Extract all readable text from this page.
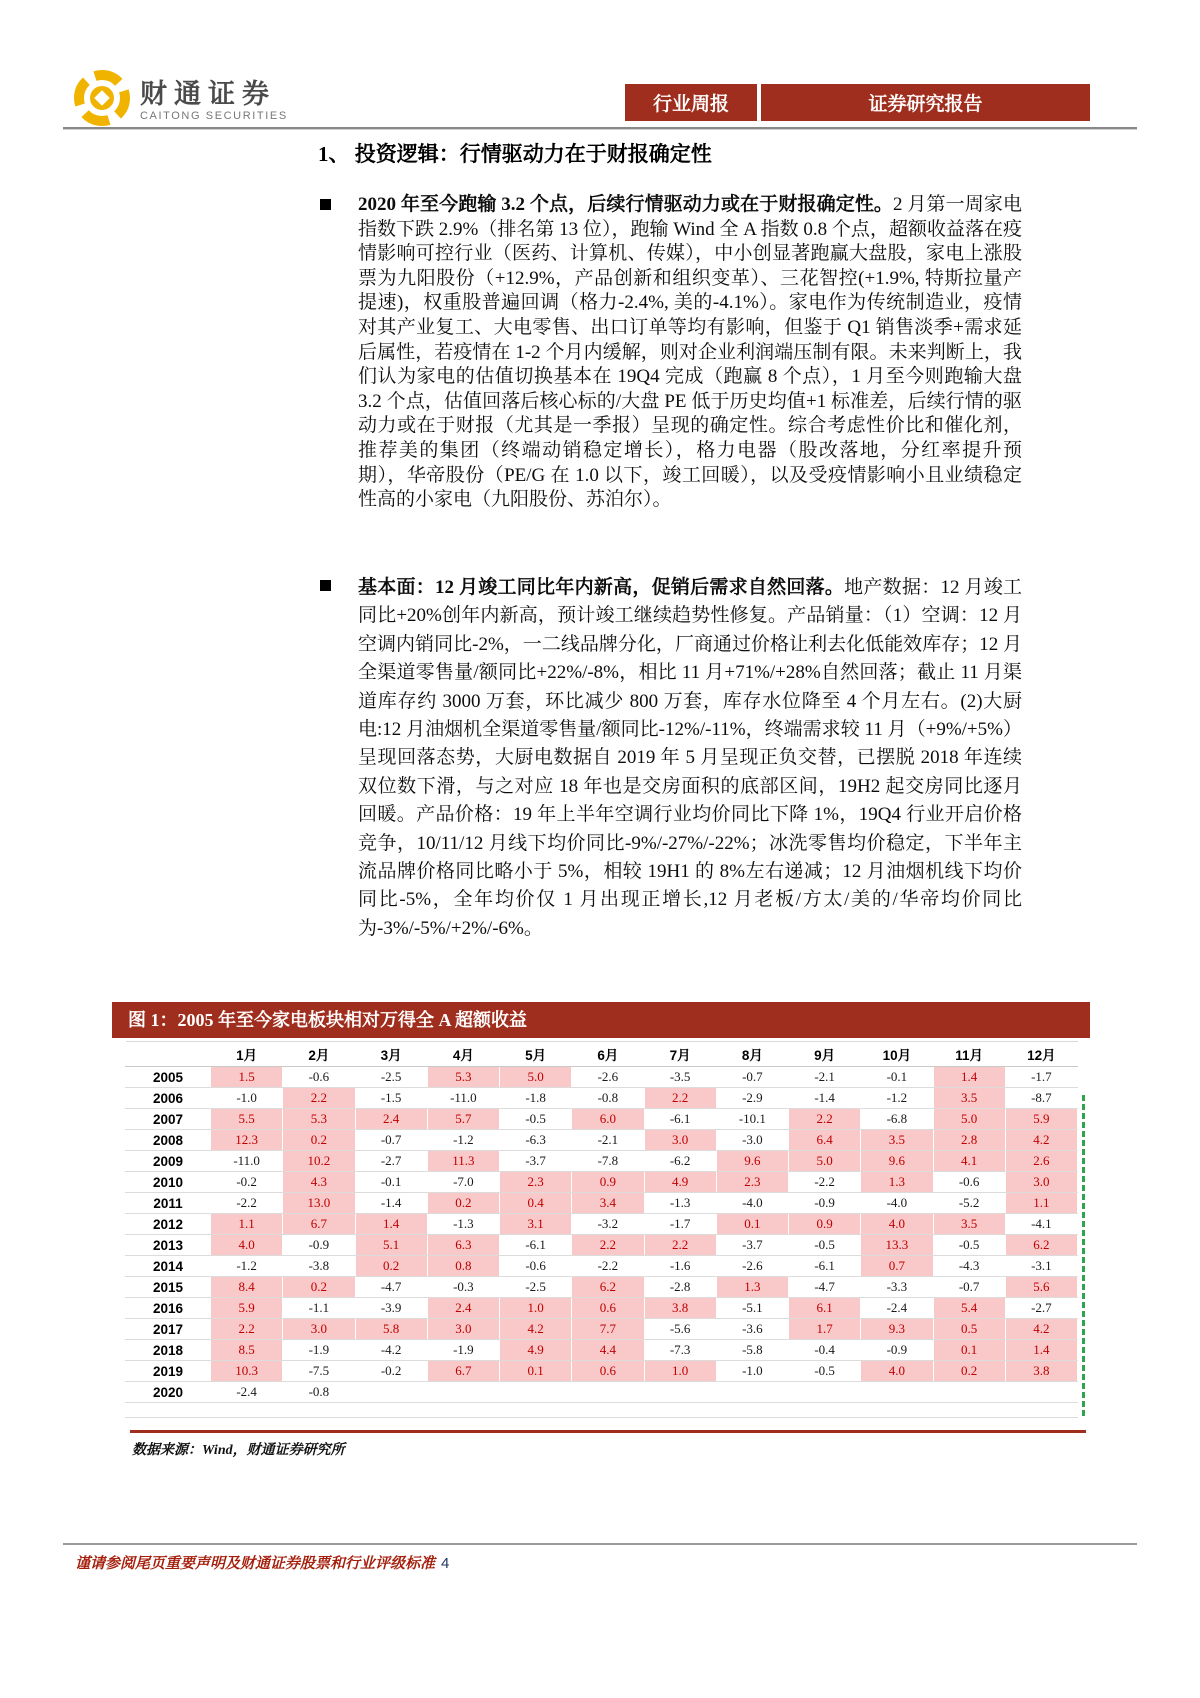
财通证券
CAITONG SECURITIES
行业周报	证券研究报告
1、 投资逻辑：行情驱动力在于财报确定性
2020 年至今跑输 3.2 个点，后续行情驱动力或在于财报确定性。2 月第一周家电指数下跌 2.9%（排名第 13 位），跑输 Wind 全 A 指数 0.8 个点，超额收益落在疫情影响可控行业（医药、计算机、传媒），中小创显著跑赢大盘股，家电上涨股票为九阳股份（+12.9%，产品创新和组织变革）、三花智控(+1.9%, 特斯拉量产提速)，权重股普遍回调（格力-2.4%, 美的-4.1%）。家电作为传统制造业，疫情对其产业复工、大电零售、出口订单等均有影响，但鉴于 Q1 销售淡季+需求延后属性，若疫情在 1-2 个月内缓解，则对企业利润端压制有限。未来判断上，我们认为家电的估值切换基本在 19Q4 完成（跑赢 8 个点），1 月至今则跑输大盘 3.2 个点，估值回落后核心标的/大盘 PE 低于历史均值+1 标准差，后续行情的驱动力或在于财报（尤其是一季报）呈现的确定性。综合考虑性价比和催化剂，推荐美的集团（终端动销稳定增长），格力电器（股改落地，分红率提升预期），华帝股份（PE/G 在 1.0 以下，竣工回暖），以及受疫情影响小且业绩稳定性高的小家电（九阳股份、苏泊尔）。
基本面：12 月竣工同比年内新高，促销后需求自然回落。地产数据：12 月竣工同比+20%创年内新高，预计竣工继续趋势性修复。产品销量：（1）空调：12 月空调内销同比-2%，一二线品牌分化，厂商通过价格让利去化低能效库存；12 月全渠道零售量/额同比+22%/-8%，相比 11 月+71%/+28%自然回落；截止 11 月渠道库存约 3000 万套，环比减少 800 万套，库存水位降至 4 个月左右。(2)大厨电:12 月油烟机全渠道零售量/额同比-12%/-11%，终端需求较 11 月（+9%/+5%）呈现回落态势，大厨电数据自 2019 年 5 月呈现正负交替，已摆脱 2018 年连续双位数下滑，与之对应 18 年也是交房面积的底部区间，19H2 起交房同比逐月回暖。产品价格：19 年上半年空调行业均价同比下降 1%，19Q4 行业开启价格竞争，10/11/12 月线下均价同比-9%/-27%/-22%；冰洗零售均价稳定，下半年主流品牌价格同比略小于 5%，相较 19H1 的 8%左右递减；12 月油烟机线下均价同比-5%，全年均价仅 1 月出现正增长,12 月老板/方太/美的/华帝均价同比为-3%/-5%/+2%/-6%。
图 1：2005 年至今家电板块相对万得全 A 超额收益
	1月	2月	3月	4月	5月	6月	7月	8月	9月	10月	11月	12月
2005	1.5	-0.6	-2.5	5.3	5.0	-2.6	-3.5	-0.7	-2.1	-0.1	1.4	-1.7
2006	-1.0	2.2	-1.5	-11.0	-1.8	-0.8	2.2	-2.9	-1.4	-1.2	3.5	-8.7
2007	5.5	5.3	2.4	5.7	-0.5	6.0	-6.1	-10.1	2.2	-6.8	5.0	5.9
2008	12.3	0.2	-0.7	-1.2	-6.3	-2.1	3.0	-3.0	6.4	3.5	2.8	4.2
2009	-11.0	10.2	-2.7	11.3	-3.7	-7.8	-6.2	9.6	5.0	9.6	4.1	2.6
2010	-0.2	4.3	-0.1	-7.0	2.3	0.9	4.9	2.3	-2.2	1.3	-0.6	3.0
2011	-2.2	13.0	-1.4	0.2	0.4	3.4	-1.3	-4.0	-0.9	-4.0	-5.2	1.1
2012	1.1	6.7	1.4	-1.3	3.1	-3.2	-1.7	0.1	0.9	4.0	3.5	-4.1
2013	4.0	-0.9	5.1	6.3	-6.1	2.2	2.2	-3.7	-0.5	13.3	-0.5	6.2
2014	-1.2	-3.8	0.2	0.8	-0.6	-2.2	-1.6	-2.6	-6.1	0.7	-4.3	-3.1
2015	8.4	0.2	-4.7	-0.3	-2.5	6.2	-2.8	1.3	-4.7	-3.3	-0.7	5.6
2016	5.9	-1.1	-3.9	2.4	1.0	0.6	3.8	-5.1	6.1	-2.4	5.4	-2.7
2017	2.2	3.0	5.8	3.0	4.2	7.7	-5.6	-3.6	1.7	9.3	0.5	4.2
2018	8.5	-1.9	-4.2	-1.9	4.9	4.4	-7.3	-5.8	-0.4	-0.9	0.1	1.4
2019	10.3	-7.5	-0.2	6.7	0.1	0.6	1.0	-1.0	-0.5	4.0	0.2	3.8
2020	-2.4	-0.8										

数据来源：Wind，财通证券研究所
谨请参阅尾页重要声明及财通证券股票和行业评级标准 4
